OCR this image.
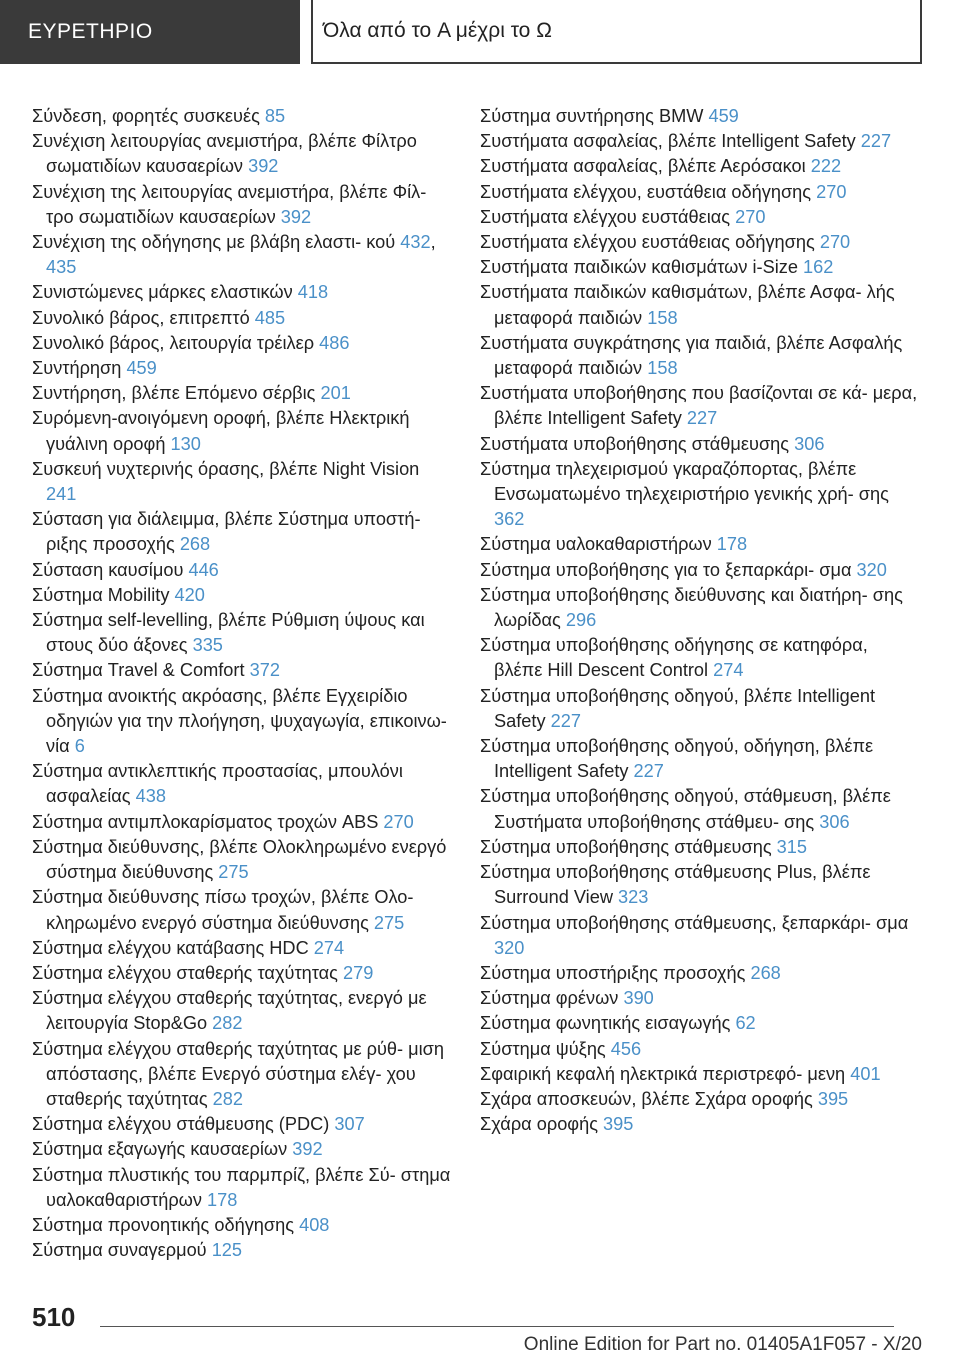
ΕΥΡΕΤΗΡΙΟ	Όλα από το A μέχρι το Ω
Σύνδεση, φορητές συσκευές 85
Συνέχιση λειτουργίας ανεμιστήρα, βλέπε Φίλτρο σωματιδίων καυσαερίων 392
Συνέχιση της λειτουργίας ανεμιστήρα, βλέπε Φίλ‐ τρο σωματιδίων καυσαερίων 392
Συνέχιση της οδήγησης με βλάβη ελαστι‐ κού 432, 435
Συνιστώμενες μάρκες ελαστικών 418
Συνολικό βάρος, επιτρεπτό 485
Συνολικό βάρος, λειτουργία τρέιλερ 486
Συντήρηση 459
Συντήρηση, βλέπε Επόμενο σέρβις 201
Συρόμενη-ανοιγόμενη οροφή, βλέπε Ηλεκτρική γυάλινη οροφή 130
Συσκευή νυχτερινής όρασης, βλέπε Night Vision 241
Σύσταση για διάλειμμα, βλέπε Σύστημα υποστή‐ ριξης προσοχής 268
Σύσταση καυσίμου 446
Σύστημα Mobility 420
Σύστημα self-levelling, βλέπε Ρύθμιση ύψους και στους δύο άξονες 335
Σύστημα Travel & Comfort 372
Σύστημα ανοικτής ακρόασης, βλέπε Εγχειρίδιο οδηγιών για την πλοήγηση, ψυχαγωγία, επικοινω‐ νία 6
Σύστημα αντικλεπτικής προστασίας, μπουλόνι ασφαλείας 438
Σύστημα αντιμπλοκαρίσματος τροχών ABS 270
Σύστημα διεύθυνσης, βλέπε Ολοκληρωμένο ενεργό σύστημα διεύθυνσης 275
Σύστημα διεύθυνσης πίσω τροχών, βλέπε Ολο‐ κληρωμένο ενεργό σύστημα διεύθυνσης 275
Σύστημα ελέγχου κατάβασης HDC 274
Σύστημα ελέγχου σταθερής ταχύτητας 279
Σύστημα ελέγχου σταθερής ταχύτητας, ενεργό με λειτουργία Stop&Go 282
Σύστημα ελέγχου σταθερής ταχύτητας με ρύθ‐ μιση απόστασης, βλέπε Ενεργό σύστημα ελέγ‐ χου σταθερής ταχύτητας 282
Σύστημα ελέγχου στάθμευσης (PDC) 307
Σύστημα εξαγωγής καυσαερίων 392
Σύστημα πλυστικής του παρμπρίζ, βλέπε Σύ‐ στημα υαλοκαθαριστήρων 178
Σύστημα προνοητικής οδήγησης 408
Σύστημα συναγερμού 125
Σύστημα συντήρησης BMW 459
Συστήματα ασφαλείας, βλέπε Intelligent Safety 227
Συστήματα ασφαλείας, βλέπε Αερόσακοι 222
Συστήματα ελέγχου, ευστάθεια οδήγησης 270
Συστήματα ελέγχου ευστάθειας 270
Συστήματα ελέγχου ευστάθειας οδήγησης 270
Συστήματα παιδικών καθισμάτων i-Size 162
Συστήματα παιδικών καθισμάτων, βλέπε Ασφα‐ λής μεταφορά παιδιών 158
Συστήματα συγκράτησης για παιδιά, βλέπε Ασφαλής μεταφορά παιδιών 158
Συστήματα υποβοήθησης που βασίζονται σε κά‐ μερα, βλέπε Intelligent Safety 227
Συστήματα υποβοήθησης στάθμευσης 306
Σύστημα τηλεχειρισμού γκαραζόπορτας, βλέπε Ενσωματωμένο τηλεχειριστήριο γενικής χρή‐ σης 362
Σύστημα υαλοκαθαριστήρων 178
Σύστημα υποβοήθησης για το ξεπαρκάρι‐ σμα 320
Σύστημα υποβοήθησης διεύθυνσης και διατήρη‐ σης λωρίδας 296
Σύστημα υποβοήθησης οδήγησης σε κατηφόρα, βλέπε Hill Descent Control 274
Σύστημα υποβοήθησης οδηγού, βλέπε Intelligent Safety 227
Σύστημα υποβοήθησης οδηγού, οδήγηση, βλέπε Intelligent Safety 227
Σύστημα υποβοήθησης οδηγού, στάθμευση, βλέπε Συστήματα υποβοήθησης στάθμευ‐ σης 306
Σύστημα υποβοήθησης στάθμευσης 315
Σύστημα υποβοήθησης στάθμευσης Plus, βλέπε Surround View 323
Σύστημα υποβοήθησης στάθμευσης, ξεπαρκάρι‐ σμα 320
Σύστημα υποστήριξης προσοχής 268
Σύστημα φρένων 390
Σύστημα φωνητικής εισαγωγής 62
Σύστημα ψύξης 456
Σφαιρική κεφαλή ηλεκτρικά περιστρεφό‐ μενη 401
Σχάρα αποσκευών, βλέπε Σχάρα οροφής 395
Σχάρα οροφής 395
510
Online Edition for Part no. 01405A1F057 - X/20
